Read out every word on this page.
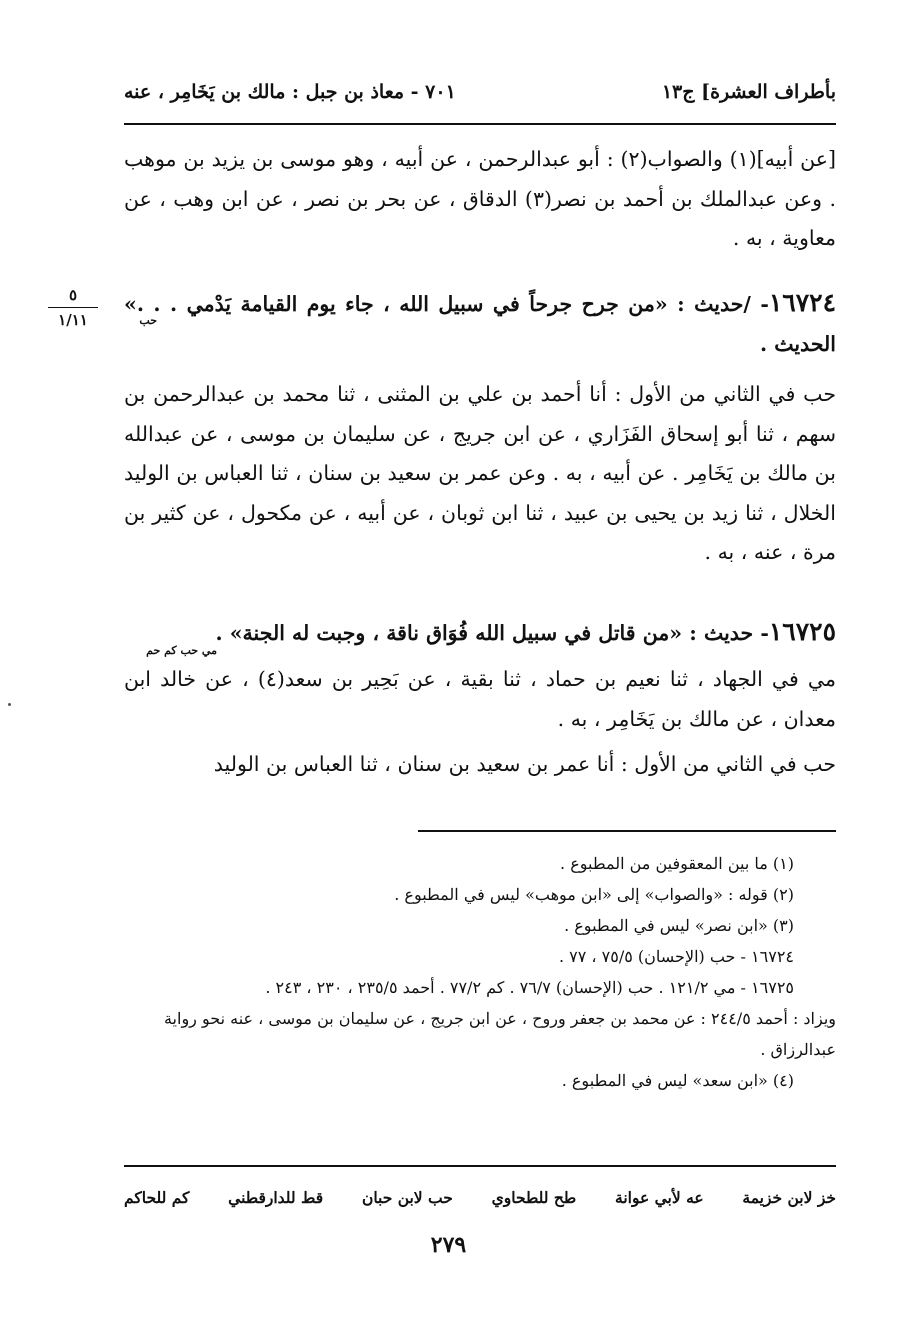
بأطراف العشرة] ج١٣
٧٠١ - معاذ بن جبل : مالك بن يَخَامِر ، عنه
٥
١/١١
[عن أبيه](١) والصواب(٢) : أبو عبدالرحمن ، عن أبيه ، وهو موسى بن يزيد بن موهب . وعن عبدالملك بن أحمد بن نصر(٣) الدقاق ، عن بحر بن نصر ، عن ابن وهب ، عن معاوية ، به .
١٦٧٢٤- /حديث : «من جرح جرحاً في سبيل الله ، جاء يوم القيامة يَدْمي . . .» الحديث .
حب
حب في الثاني من الأول : أنا أحمد بن علي بن المثنى ، ثنا محمد بن عبدالرحمن بن سهم ، ثنا أبو إسحاق الفَزَاري ، عن ابن جريج ، عن سليمان بن موسى ، عن عبدالله بن مالك بن يَخَامِر . عن أبيه ، به . وعن عمر بن سعيد بن سنان ، ثنا العباس بن الوليد الخلال ، ثنا زيد بن يحيى بن عبيد ، ثنا ابن ثوبان ، عن أبيه ، عن مكحول ، عن كثير بن مرة ، عنه ، به .
١٦٧٢٥- حديث : «من قاتل في سبيل الله فُوَاق ناقة ، وجبت له الجنة» .
مي حب كم حم
مي في الجهاد ، ثنا نعيم بن حماد ، ثنا بقية ، عن بَحِير بن سعد(٤) ، عن خالد ابن معدان ، عن مالك بن يَخَامِر ، به .
حب في الثاني من الأول : أنا عمر بن سعيد بن سنان ، ثنا العباس بن الوليد
(١) ما بين المعقوفين من المطبوع .
(٢) قوله : «والصواب» إلى «ابن موهب» ليس في المطبوع .
(٣) «ابن نصر» ليس في المطبوع .
١٦٧٢٤ - حب (الإحسان) ٧٥/٥ ، ٧٧ .
١٦٧٢٥ - مي ١٢١/٢ . حب (الإحسان) ٧٦/٧ . كم ٧٧/٢ . أحمد ٢٣٥/٥ ، ٢٣٠ ، ٢٤٣ .
ويزاد : أحمد ٢٤٤/٥ : عن محمد بن جعفر وروح ، عن ابن جريج ، عن سليمان بن موسى ، عنه نحو رواية عبدالرزاق .
(٤) «ابن سعد» ليس في المطبوع .
خز لابن خزيمة
عه لأبي عوانة
طح للطحاوي
حب لابن حبان
قط للدارقطني
كم للحاكم
٢٧٩
